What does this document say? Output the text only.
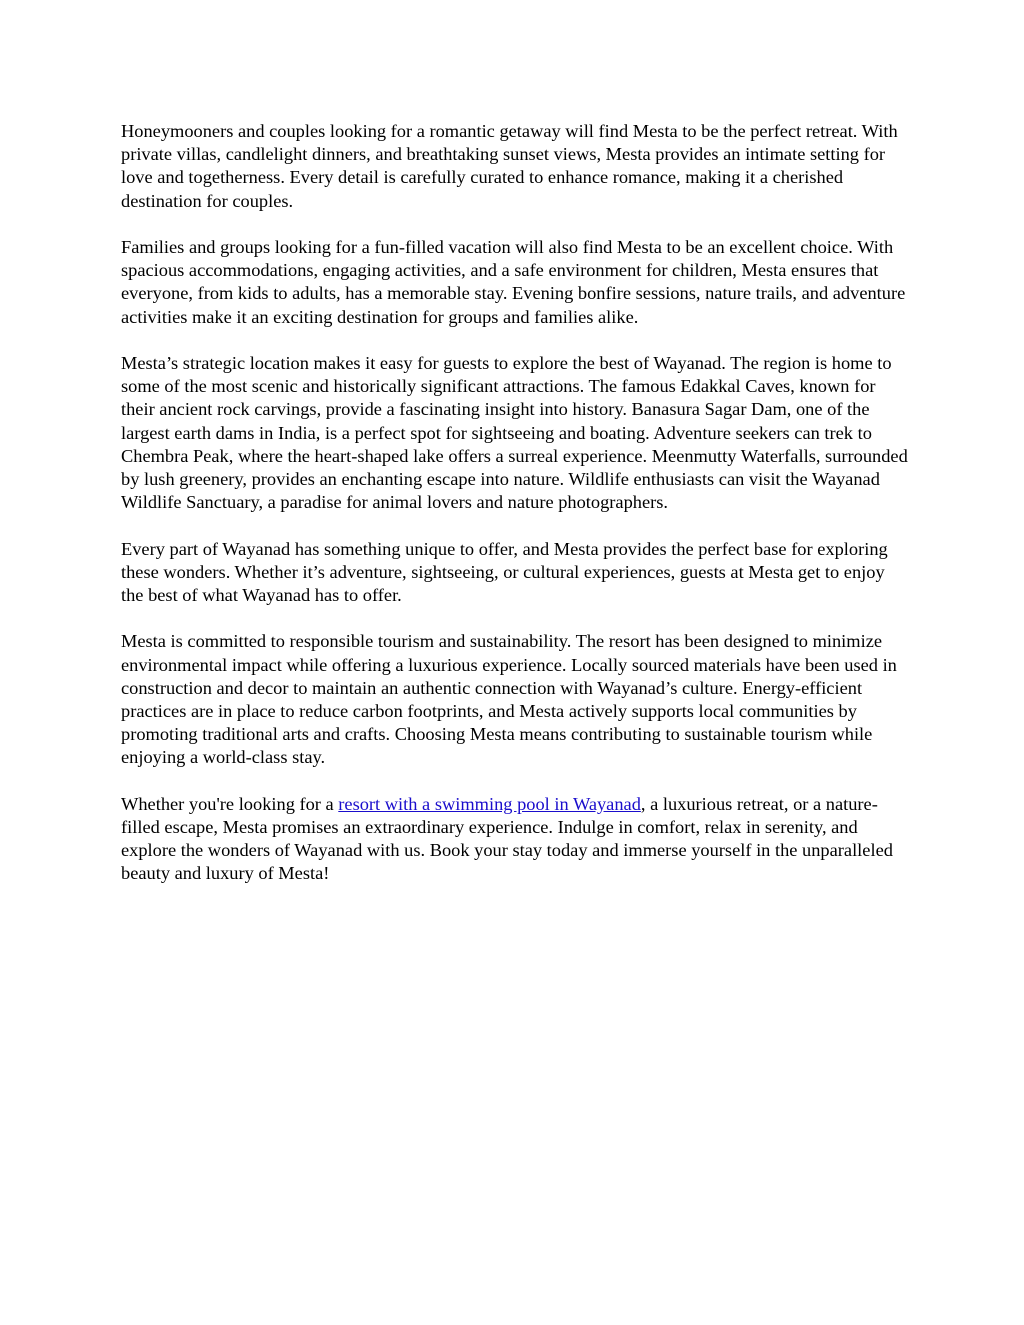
Honeymooners and couples looking for a romantic getaway will find Mesta to be the perfect retreat. With private villas, candlelight dinners, and breathtaking sunset views, Mesta provides an intimate setting for love and togetherness. Every detail is carefully curated to enhance romance, making it a cherished destination for couples.

Families and groups looking for a fun-filled vacation will also find Mesta to be an excellent choice. With spacious accommodations, engaging activities, and a safe environment for children, Mesta ensures that everyone, from kids to adults, has a memorable stay. Evening bonfire sessions, nature trails, and adventure activities make it an exciting destination for groups and families alike.

Mesta’s strategic location makes it easy for guests to explore the best of Wayanad. The region is home to some of the most scenic and historically significant attractions. The famous Edakkal Caves, known for their ancient rock carvings, provide a fascinating insight into history. Banasura Sagar Dam, one of the largest earth dams in India, is a perfect spot for sightseeing and boating. Adventure seekers can trek to Chembra Peak, where the heart-shaped lake offers a surreal experience. Meenmutty Waterfalls, surrounded by lush greenery, provides an enchanting escape into nature. Wildlife enthusiasts can visit the Wayanad Wildlife Sanctuary, a paradise for animal lovers and nature photographers.

Every part of Wayanad has something unique to offer, and Mesta provides the perfect base for exploring these wonders. Whether it’s adventure, sightseeing, or cultural experiences, guests at Mesta get to enjoy the best of what Wayanad has to offer.

Mesta is committed to responsible tourism and sustainability. The resort has been designed to minimize environmental impact while offering a luxurious experience. Locally sourced materials have been used in construction and decor to maintain an authentic connection with Wayanad’s culture. Energy-efficient practices are in place to reduce carbon footprints, and Mesta actively supports local communities by promoting traditional arts and crafts. Choosing Mesta means contributing to sustainable tourism while enjoying a world-class stay.

Whether you're looking for a resort with a swimming pool in Wayanad, a luxurious retreat, or a nature-filled escape, Mesta promises an extraordinary experience. Indulge in comfort, relax in serenity, and explore the wonders of Wayanad with us. Book your stay today and immerse yourself in the unparalleled beauty and luxury of Mesta!
